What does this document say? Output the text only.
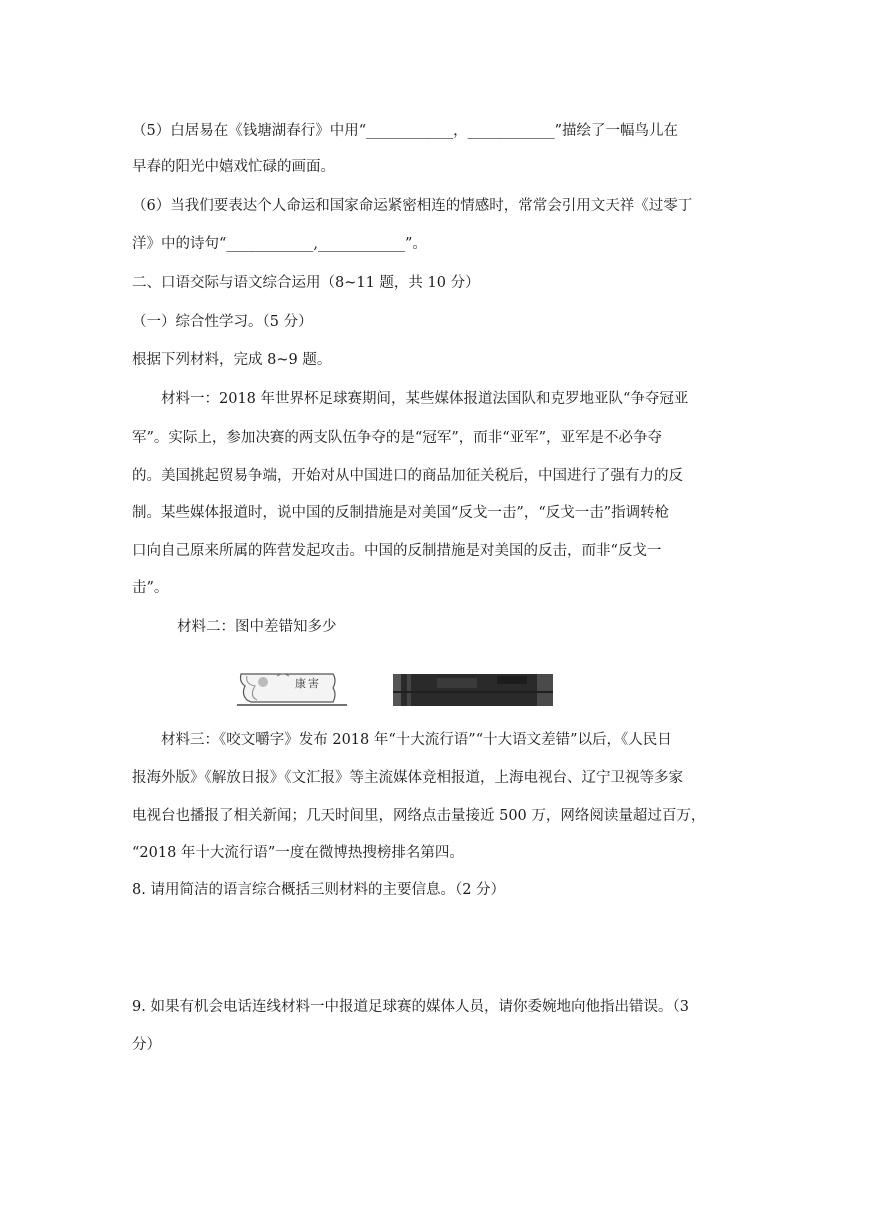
（5）白居易在《钱塘湖春行》中用“____________，____________”描绘了一幅鸟儿在
早春的阳光中嬉戏忙碌的画面。
（6）当我们要表达个人命运和国家命运紧密相连的情感时，常常会引用文天祥《过零丁
洋》中的诗句“____________,____________”。
二、口语交际与语文综合运用（8~11 题，共 10 分）
（一）综合性学习。（5 分）
根据下列材料，完成 8~9 题。
材料一：2018 年世界杯足球赛期间，某些媒体报道法国队和克罗地亚队“争夺冠亚
军”。实际上，参加决赛的两支队伍争夺的是“冠军”，而非“亚军”，亚军是不必争夺
的。美国挑起贸易争端，开始对从中国进口的商品加征关税后，中国进行了强有力的反
制。某些媒体报道时，说中国的反制措施是对美国“反戈一击”，“反戈一击”指调转枪
口向自己原来所属的阵营发起攻击。中国的反制措施是对美国的反击，而非“反戈一
击”。
材料二：图中差错知多少
康害
材料三：《咬文嚼字》发布 2018 年“十大流行语”“十大语文差错”以后，《人民日
报海外版》《解放日报》《文汇报》等主流媒体竞相报道，上海电视台、辽宁卫视等多家
电视台也播报了相关新闻；几天时间里，网络点击量接近 500 万，网络阅读量超过百万，
“2018 年十大流行语”一度在微博热搜榜排名第四。
8. 请用简洁的语言综合概括三则材料的主要信息。（2 分）
9. 如果有机会电话连线材料一中报道足球赛的媒体人员，请你委婉地向他指出错误。（3
分）
